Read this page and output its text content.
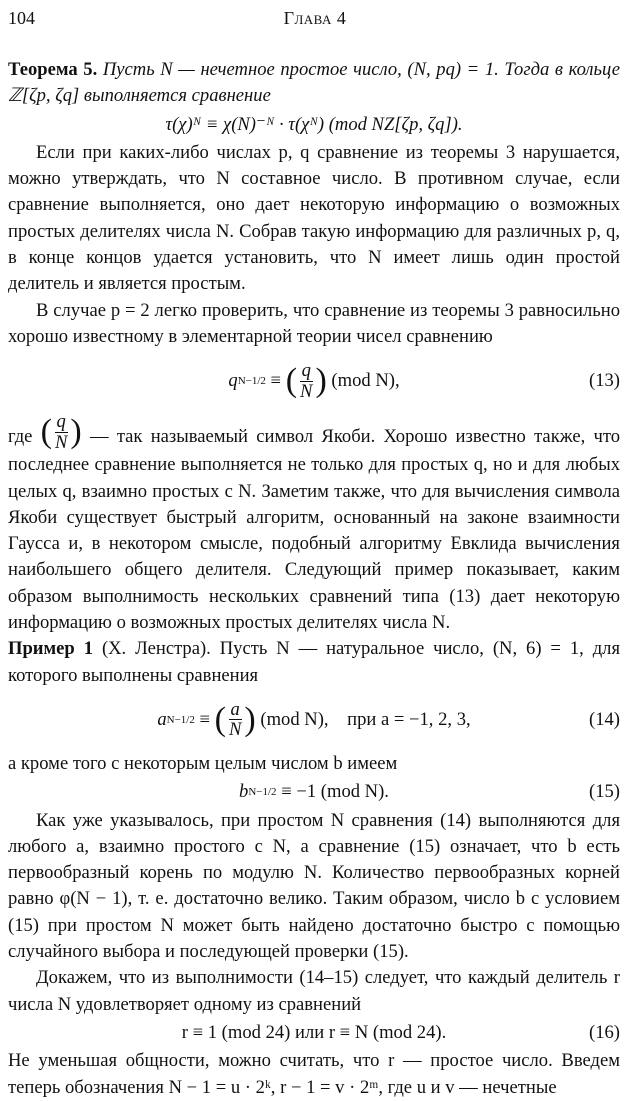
104	Глава 4

Теорема 5. Пусть N — нечетное простое число, (N, pq) = 1. Тогда в кольце ℤ[ζp, ζq] выполняется сравнение

τ(χ)ᴺ ≡ χ(N)⁻ᴺ · τ(χᴺ) (mod NZ[ζp, ζq]).

Если при каких-либо числах p, q сравнение из теоремы 3 нарушается, можно утверждать, что N составное число. В противном случае, если сравнение выполняется, оно дает некоторую информацию о возможных простых делителях числа N. Собрав такую информацию для различных p, q, в конце концов удается установить, что N имеет лишь один простой делитель и является простым.

В случае p = 2 легко проверить, что сравнение из теоремы 3 равносильно хорошо известному в элементарной теории чисел сравнению

q N−1/2 ≡ ( $\frac{q}{N}$ )
(mod N),	(13)

где ( $\frac{q}{N}$ ) — так называемый символ Якоби. Хорошо известно также, что последнее сравнение выполняется не только для простых q, но и для любых целых q, взаимно простых с N. Заметим также, что для вычисления символа Якоби существует быстрый алгоритм, основанный на законе взаимности Гаусса и, в некотором смысле, подобный алгоритму Евклида вычисления наибольшего общего делителя. Следующий пример показывает, каким образом выполнимость нескольких сравнений типа (13) дает некоторую информацию о возможных простых делителях числа N.

Пример 1 (Х. Ленстра). Пусть N — натуральное число, (N, 6) = 1, для которого выполнены сравнения

a N−1/2 ≡ ( $\frac{a}{N}$ )
(mod N),
при a = −1, 2, 3,	(14)

а кроме того с некоторым целым числом b имеем

b N−1/2
≡ −1 (mod N).	(15)

Как уже указывалось, при простом N сравнения (14) выполняются для любого a, взаимно простого с N, а сравнение (15) означает, что b есть первообразный корень по модулю N. Количество первообразных корней равно φ(N − 1), т. е. достаточно велико. Таким образом, число b с условием (15) при простом N может быть найдено достаточно быстро с помощью случайного выбора и последующей проверки (15).

Докажем, что из выполнимости (14–15) следует, что каждый делитель r числа N удовлетворяет одному из сравнений

r ≡ 1 (mod 24) или r ≡ N (mod 24).	(16)

Не уменьшая общности, можно считать, что r — простое число. Введем теперь обозначения N − 1 = u · 2ᵏ, r − 1 = v · 2ᵐ, где u и v — нечетные
